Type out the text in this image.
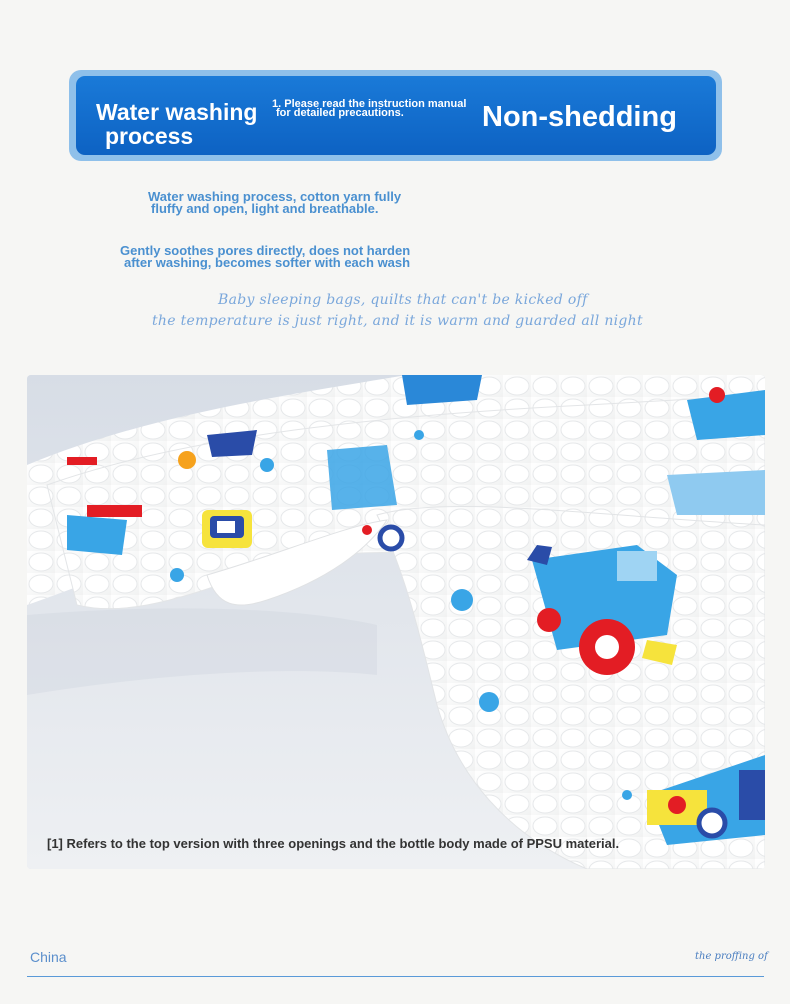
Water washing
process
1. Please read the instruction manual
for detailed precautions.	Non-shedding
Water washing process, cotton yarn fully
fluffy and open, light and breathable.
Gently soothes pores directly, does not harden
after washing, becomes softer with each wash
Baby sleeping bags, quilts that can't be kicked off
the temperature is just right, and it is warm and guarded all night
[1] Refers to the top version with three openings and the bottle body made of PPSU material.
China	the proffing of
